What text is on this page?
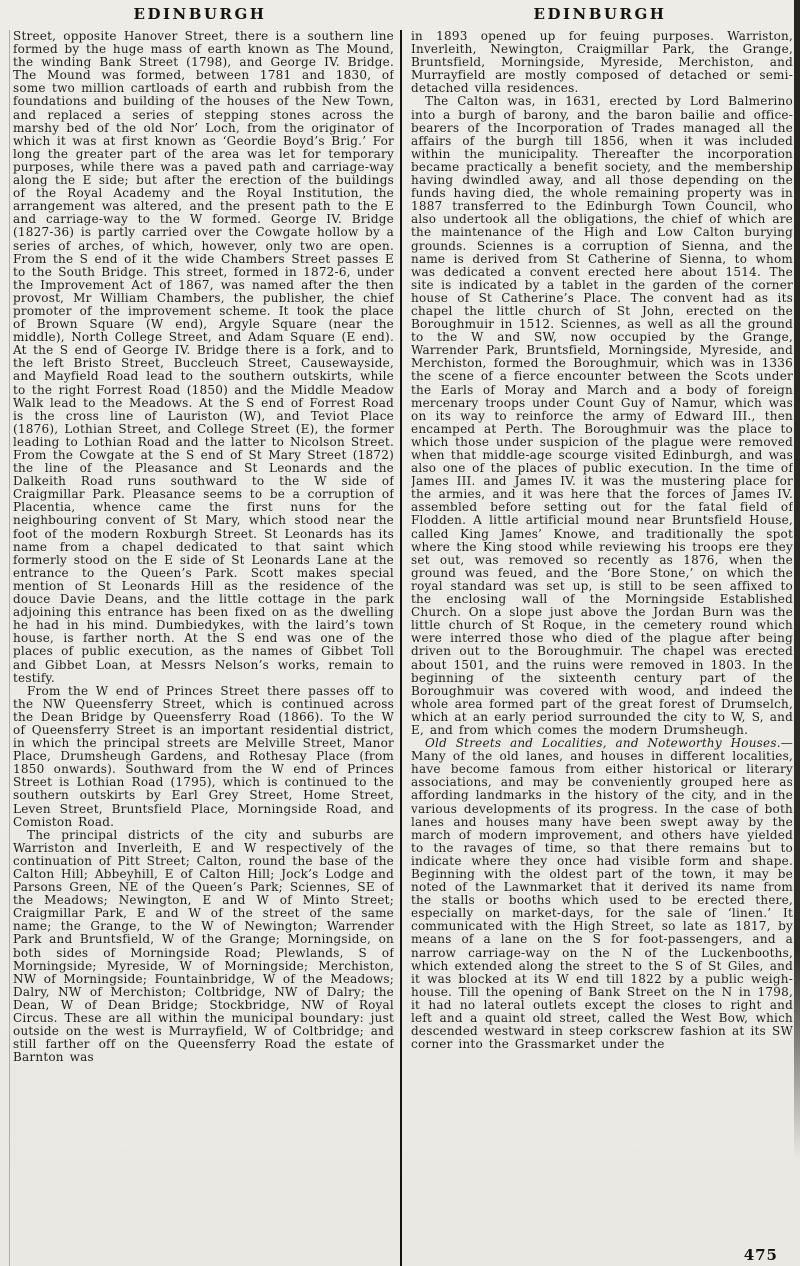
EDINBURGH	EDINBURGH

Street, opposite Hanover Street, there is a southern line formed by the huge mass of earth known as The Mound, the winding Bank Street (1798), and George IV. Bridge. The Mound was formed, between 1781 and 1830, of some two million cartloads of earth and rubbish from the foundations and building of the houses of the New Town, and replaced a series of stepping stones across the marshy bed of the old Nor’ Loch, from the originator of which it was at first known as ‘Geordie Boyd’s Brig.’ For long the greater part of the area was let for temporary purposes, while there was a paved path and carriage-way along the E side; but after the erection of the buildings of the Royal Academy and the Royal Institution, the arrangement was altered, and the present path to the E and carriage-way to the W formed. George IV. Bridge (1827-36) is partly carried over the Cowgate hollow by a series of arches, of which, however, only two are open. From the S end of it the wide Chambers Street passes E to the South Bridge. This street, formed in 1872-6, under the Improvement Act of 1867, was named after the then provost, Mr William Chambers, the publisher, the chief promoter of the improvement scheme. It took the place of Brown Square (W end), Argyle Square (near the middle), North College Street, and Adam Square (E end). At the S end of George IV. Bridge there is a fork, and to the left Bristo Street, Buccleuch Street, Causewayside, and Mayfield Road lead to the southern outskirts, while to the right Forrest Road (1850) and the Middle Meadow Walk lead to the Meadows. At the S end of Forrest Road is the cross line of Lauriston (W), and Teviot Place (1876), Lothian Street, and College Street (E), the former leading to Lothian Road and the latter to Nicolson Street. From the Cowgate at the S end of St Mary Street (1872) the line of the Pleasance and St Leonards and the Dalkeith Road runs southward to the W side of Craigmillar Park. Pleasance seems to be a corruption of Placentia, whence came the first nuns for the neighbouring convent of St Mary, which stood near the foot of the modern Roxburgh Street. St Leonards has its name from a chapel dedicated to that saint which formerly stood on the E side of St Leonards Lane at the entrance to the Queen’s Park. Scott makes special mention of St Leonards Hill as the residence of the douce Davie Deans, and the little cottage in the park adjoining this entrance has been fixed on as the dwelling he had in his mind. Dumbiedykes, with the laird’s town house, is farther north. At the S end was one of the places of public execution, as the names of Gibbet Toll and Gibbet Loan, at Messrs Nelson’s works, remain to testify.

From the W end of Princes Street there passes off to the NW Queensferry Street, which is continued across the Dean Bridge by Queensferry Road (1866). To the W of Queensferry Street is an important residential district, in which the principal streets are Melville Street, Manor Place, Drumsheugh Gardens, and Rothesay Place (from 1850 onwards). Southward from the W end of Princes Street is Lothian Road (1795), which is continued to the southern outskirts by Earl Grey Street, Home Street, Leven Street, Bruntsfield Place, Morningside Road, and Comiston Road.

The principal districts of the city and suburbs are Warriston and Inverleith, E and W respectively of the continuation of Pitt Street; Calton, round the base of the Calton Hill; Abbeyhill, E of Calton Hill; Jock’s Lodge and Parsons Green, NE of the Queen’s Park; Sciennes, SE of the Meadows; Newington, E and W of Minto Street; Craigmillar Park, E and W of the street of the same name; the Grange, to the W of Newington; Warrender Park and Bruntsfield, W of the Grange; Morningside, on both sides of Morningside Road; Plewlands, S of Morningside; Myreside, W of Morningside; Merchiston, NW of Morningside; Fountainbridge, W of the Meadows; Dalry, NW of Merchiston; Coltbridge, NW of Dalry; the Dean, W of Dean Bridge; Stockbridge, NW of Royal Circus. These are all within the municipal boundary: just outside on the west is Murrayfield, W of Coltbridge; and still farther off on the Queensferry Road the estate of Barnton was

in 1893 opened up for feuing purposes. Warriston, Inverleith, Newington, Craigmillar Park, the Grange, Bruntsfield, Morningside, Myreside, Merchiston, and Murrayfield are mostly composed of detached or semi-detached villa residences.

The Calton was, in 1631, erected by Lord Balmerino into a burgh of barony, and the baron bailie and office-bearers of the Incorporation of Trades managed all the affairs of the burgh till 1856, when it was included within the municipality. Thereafter the incorporation became practically a benefit society, and the membership having dwindled away, and all those depending on the funds having died, the whole remaining property was in 1887 transferred to the Edinburgh Town Council, who also undertook all the obligations, the chief of which are the maintenance of the High and Low Calton burying grounds. Sciennes is a corruption of Sienna, and the name is derived from St Catherine of Sienna, to whom was dedicated a convent erected here about 1514. The site is indicated by a tablet in the garden of the corner house of St Catherine’s Place. The convent had as its chapel the little church of St John, erected on the Boroughmuir in 1512. Sciennes, as well as all the ground to the W and SW, now occupied by the Grange, Warrender Park, Bruntsfield, Morningside, Myreside, and Merchiston, formed the Boroughmuir, which was in 1336 the scene of a fierce encounter between the Scots under the Earls of Moray and March and a body of foreign mercenary troops under Count Guy of Namur, which was on its way to reinforce the army of Edward III., then encamped at Perth. The Boroughmuir was the place to which those under suspicion of the plague were removed when that middle-age scourge visited Edinburgh, and was also one of the places of public execution. In the time of James III. and James IV. it was the mustering place for the armies, and it was here that the forces of James IV. assembled before setting out for the fatal field of Flodden. A little artificial mound near Bruntsfield House, called King James’ Knowe, and traditionally the spot where the King stood while reviewing his troops ere they set out, was removed so recently as 1876, when the ground was feued, and the ‘Bore Stone,’ on which the royal standard was set up, is still to be seen affixed to the enclosing wall of the Morningside Established Church. On a slope just above the Jordan Burn was the little church of St Roque, in the cemetery round which were interred those who died of the plague after being driven out to the Boroughmuir. The chapel was erected about 1501, and the ruins were removed in 1803. In the beginning of the sixteenth century part of the Boroughmuir was covered with wood, and indeed the whole area formed part of the great forest of Drumselch, which at an early period surrounded the city to W, S, and E, and from which comes the modern Drumsheugh.

Old Streets and Localities, and Noteworthy Houses.—Many of the old lanes, and houses in different localities, have become famous from either historical or literary associations, and may be conveniently grouped here as affording landmarks in the history of the city, and in the various developments of its progress. In the case of both lanes and houses many have been swept away by the march of modern improvement, and others have yielded to the ravages of time, so that there remains but to indicate where they once had visible form and shape. Beginning with the oldest part of the town, it may be noted of the Lawnmarket that it derived its name from the stalls or booths which used to be erected there, especially on market-days, for the sale of ‘linen.’ It communicated with the High Street, so late as 1817, by means of a lane on the S for foot-passengers, and a narrow carriage-way on the N of the Luckenbooths, which extended along the street to the S of St Giles, and it was blocked at its W end till 1822 by a public weigh-house. Till the opening of Bank Street on the N in 1798, it had no lateral outlets except the closes to right and left and a quaint old street, called the West Bow, which descended westward in steep corkscrew fashion at its SW corner into the Grassmarket under the

475
